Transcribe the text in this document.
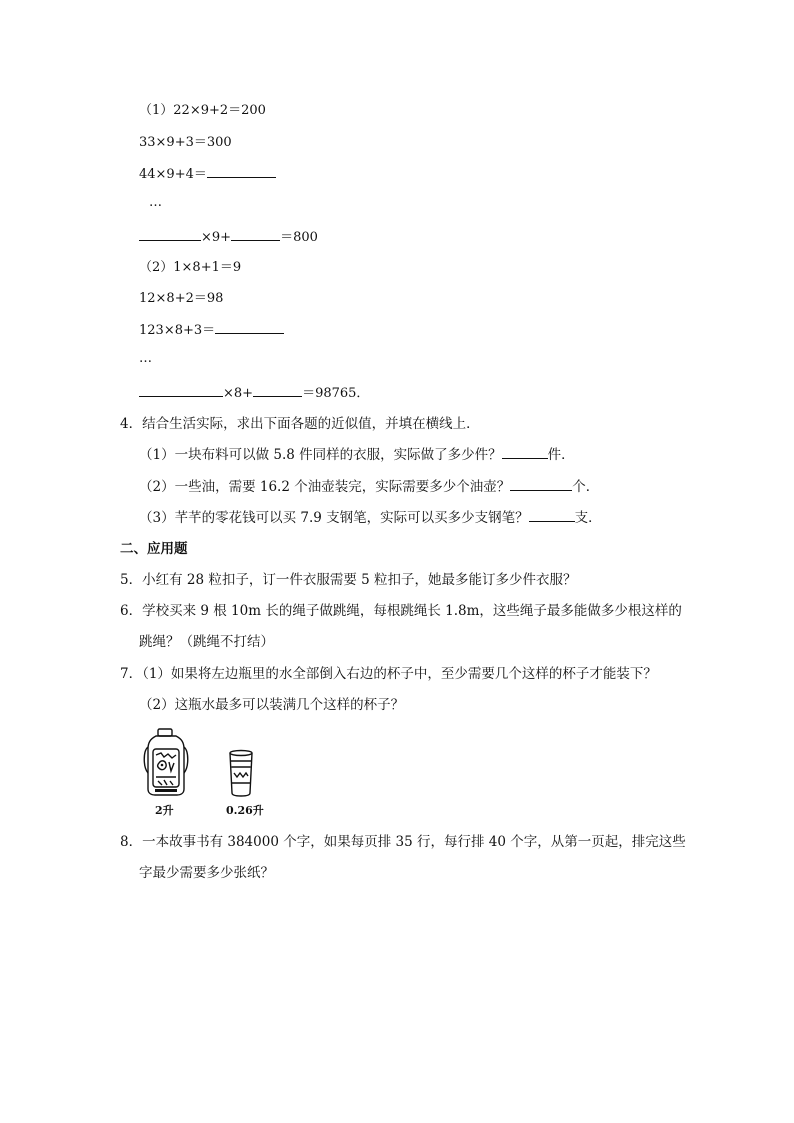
（1）22×9+2＝200
33×9+3＝300
44×9+4＝
…
×9+	＝800
（2）1×8+1＝9
12×8+2＝98
123×8+3＝
…
×8+	＝98765．
4．结合生活实际，求出下面各题的近似值，并填在横线上．
（1）一块布料可以做 5.8 件同样的衣服，实际做了多少件？	件．
（2）一些油，需要 16.2 个油壶装完，实际需要多少个油壶？	个．
（3）芊芊的零花钱可以买 7.9 支钢笔，实际可以买多少支钢笔？	支．
二、应用题
5．小红有 28 粒扣子，订一件衣服需要 5 粒扣子，她最多能订多少件衣服？
6．学校买来 9 根 10m 长的绳子做跳绳，每根跳绳长 1.8m，这些绳子最多能做多少根这样的
跳绳？（跳绳不打结）
7．（1）如果将左边瓶里的水全部倒入右边的杯子中，至少需要几个这样的杯子才能装下？
（2）这瓶水最多可以装满几个这样的杯子？
2升	0.26升
8．一本故事书有 384000 个字，如果每页排 35 行，每行排 40 个字，从第一页起，排完这些
字最少需要多少张纸？
